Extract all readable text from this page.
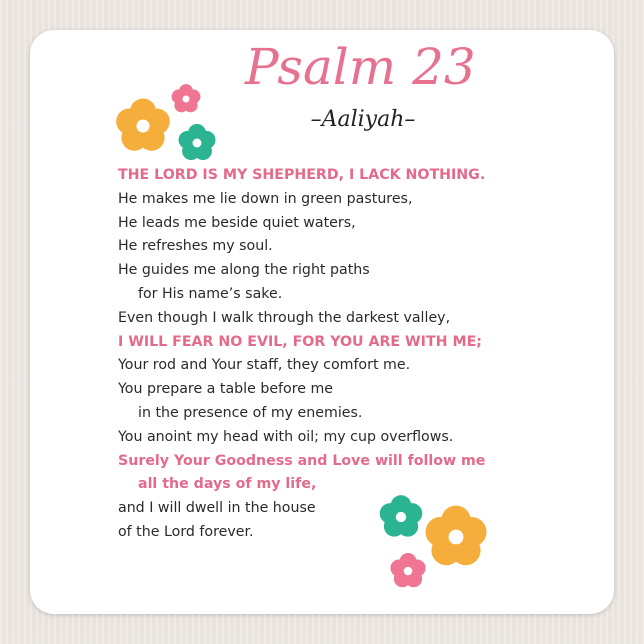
Psalm 23
–Aaliyah–
THE LORD IS MY SHEPHERD, I LACK NOTHING.
He makes me lie down in green pastures,
He leads me beside quiet waters,
He refreshes my soul.
He guides me along the right paths
for His name’s sake.
Even though I walk through the darkest valley,
I WILL FEAR NO EVIL, FOR YOU ARE WITH ME;
Your rod and Your staff, they comfort me.
You prepare a table before me
in the presence of my enemies.
You anoint my head with oil; my cup overflows.
Surely Your Goodness and Love will follow me
all the days of my life,
and I will dwell in the house
of the Lord forever.
